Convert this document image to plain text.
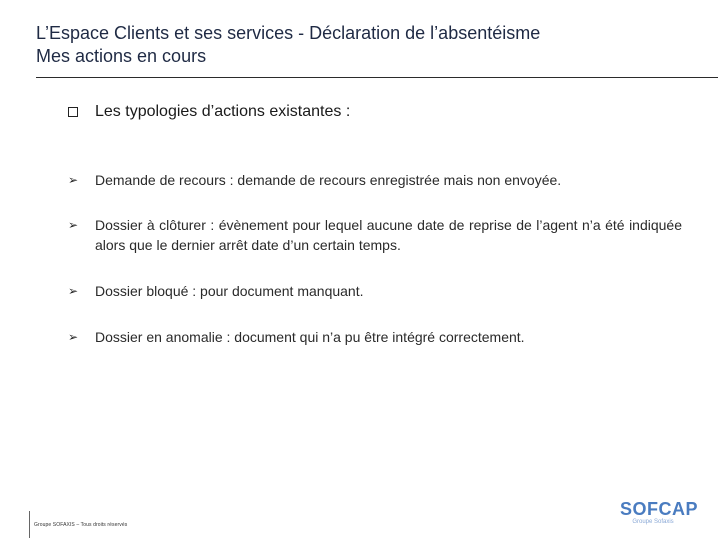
L’Espace Clients et ses services - Déclaration de l’absentéisme
Mes actions en cours
Les typologies d’actions existantes :
➢	Demande de recours : demande de recours enregistrée mais non envoyée.
➢	Dossier à clôturer : évènement pour lequel aucune date de reprise de l’agent n’a été indiquée alors que le dernier arrêt date d’un certain temps.
➢	Dossier bloqué : pour document manquant.
➢	Dossier en anomalie : document qui n’a pu être intégré correctement.
Groupe SOFAXIS – Tous droits réservés
SOFCAP
Groupe Sofaxis
